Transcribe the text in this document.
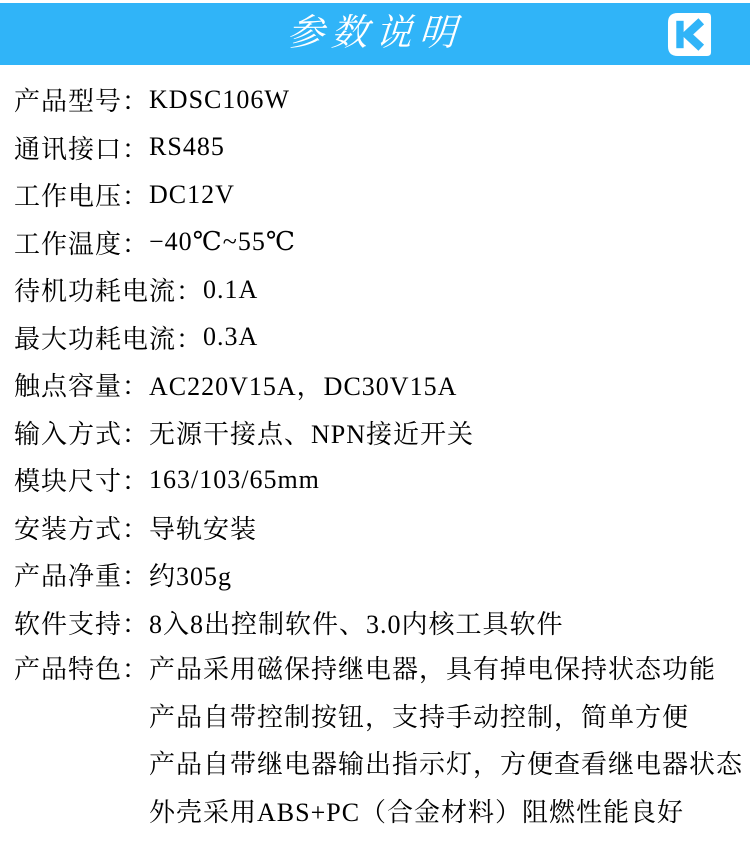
参数说明
产品型号： KDSC106W
通讯接口： RS485
工作电压： DC12V
工作温度： −40℃~55℃
待机功耗电流： 0.1A
最大功耗电流： 0.3A
触点容量： AC220V15A，DC30V15A
输入方式： 无源干接点、NPN接近开关
模块尺寸： 163/103/65mm
安装方式： 导轨安装
产品净重： 约305g
软件支持： 8入8出控制软件、3.0内核工具软件
产品特色： 产品采用磁保持继电器，具有掉电保持状态功能
产品自带控制按钮，支持手动控制，简单方便
产品自带继电器输出指示灯，方便查看继电器状态
外壳采用ABS+PC（合金材料）阻燃性能良好
